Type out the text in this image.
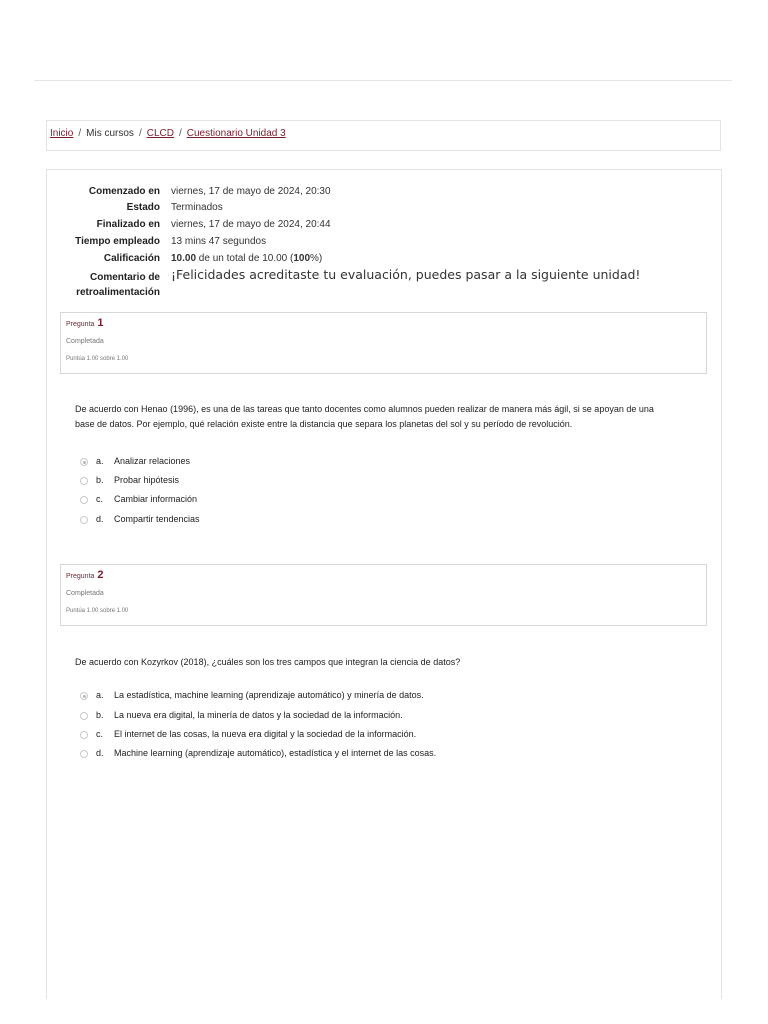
Inicio / Mis cursos / CLCD / Cuestionario Unidad 3
Comenzado en viernes, 17 de mayo de 2024, 20:30
Estado Terminados
Finalizado en viernes, 17 de mayo de 2024, 20:44
Tiempo empleado 13 mins 47 segundos
Calificación 10.00 de un total de 10.00 (100%)
Comentario de
retroalimentación
¡Felicidades acreditaste tu evaluación, puedes pasar a la siguiente unidad!
Pregunta 1
Completada
Puntúa 1.00 sobre 1.00
De acuerdo con Henao (1996), es una de las tareas que tanto docentes como alumnos pueden realizar de manera más ágil, si se apoyan de una
base de datos. Por ejemplo, qué relación existe entre la distancia que separa los planetas del sol y su período de revolución.
a. Analizar relaciones
b. Probar hipótesis
c. Cambiar información
d. Compartir tendencias
Pregunta 2
Completada
Puntúa 1.00 sobre 1.00
De acuerdo con Kozyrkov (2018), ¿cuáles son los tres campos que integran la ciencia de datos?
a. La estadística, machine learning (aprendizaje automático) y minería de datos.
b. La nueva era digital, la minería de datos y la sociedad de la información.
c. El internet de las cosas, la nueva era digital y la sociedad de la información.
d. Machine learning (aprendizaje automático), estadística y el internet de las cosas.
